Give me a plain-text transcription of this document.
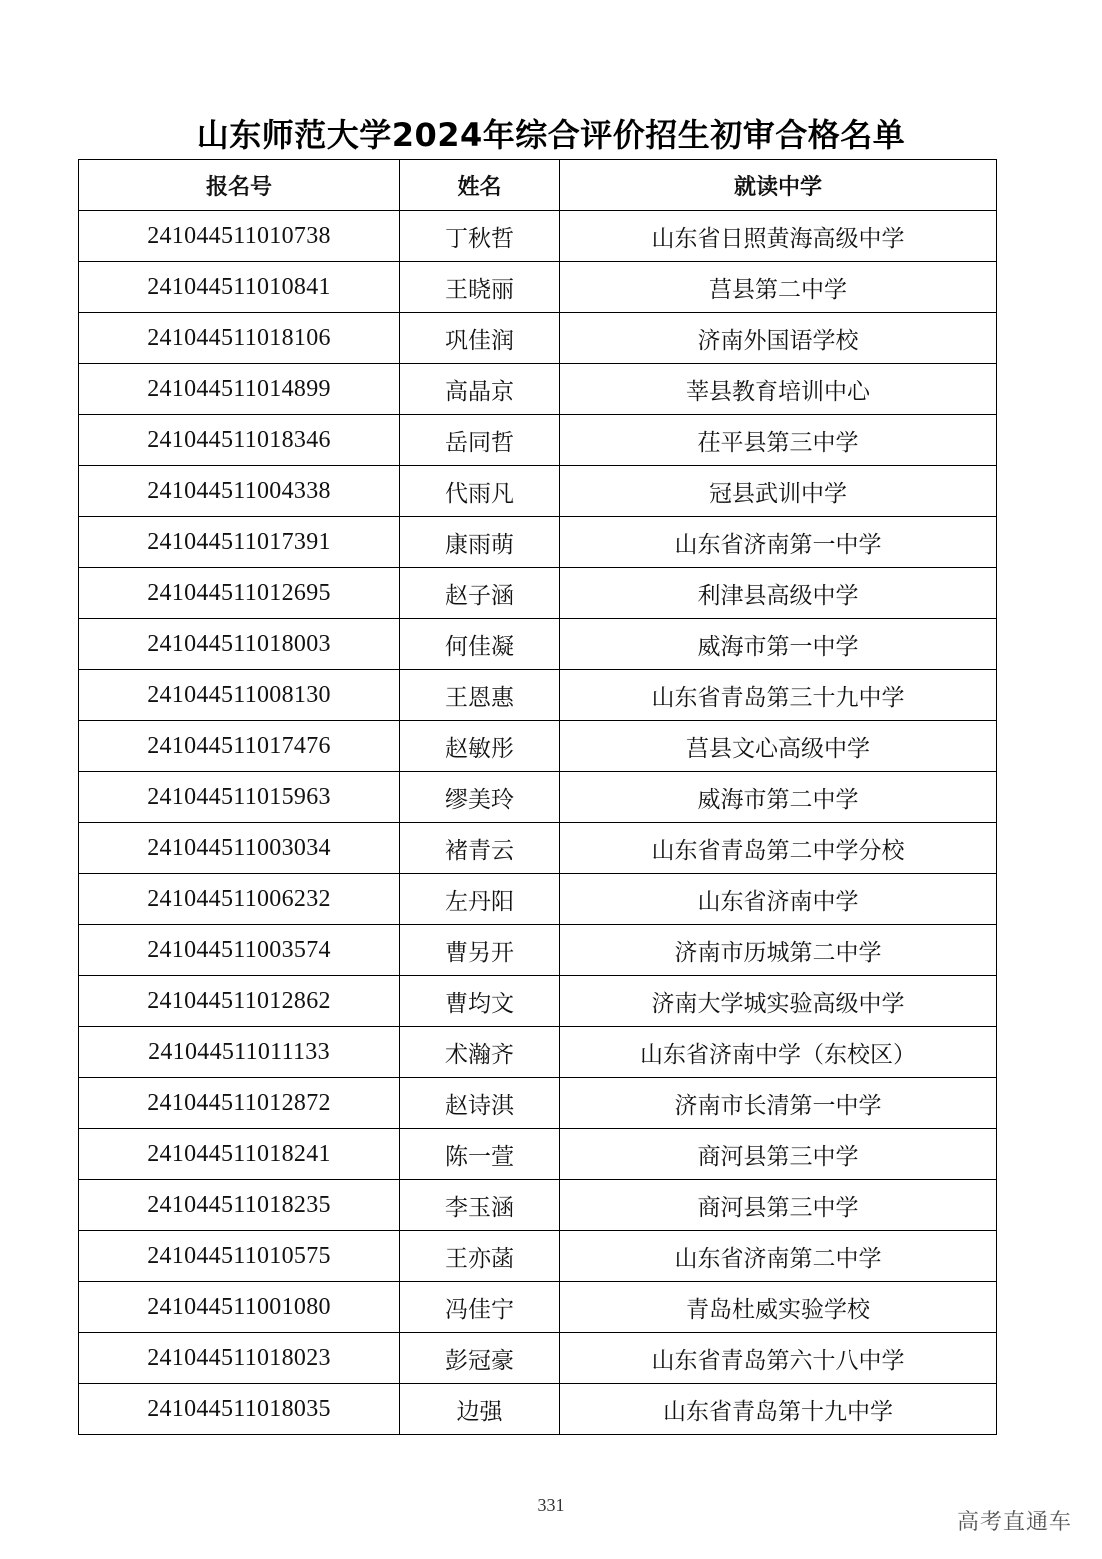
山东师范大学2024年综合评价招生初审合格名单
报名号	姓名	就读中学
241044511010738	丁秋哲	山东省日照黄海高级中学
241044511010841	王晓丽	莒县第二中学
241044511018106	巩佳润	济南外国语学校
241044511014899	高晶京	莘县教育培训中心
241044511018346	岳同哲	茌平县第三中学
241044511004338	代雨凡	冠县武训中学
241044511017391	康雨萌	山东省济南第一中学
241044511012695	赵子涵	利津县高级中学
241044511018003	何佳凝	威海市第一中学
241044511008130	王恩惠	山东省青岛第三十九中学
241044511017476	赵敏彤	莒县文心高级中学
241044511015963	缪美玲	威海市第二中学
241044511003034	褚青云	山东省青岛第二中学分校
241044511006232	左丹阳	山东省济南中学
241044511003574	曹另开	济南市历城第二中学
241044511012862	曹均文	济南大学城实验高级中学
241044511011133	术瀚齐	山东省济南中学（东校区）
241044511012872	赵诗淇	济南市长清第一中学
241044511018241	陈一萱	商河县第三中学
241044511018235	李玉涵	商河县第三中学
241044511010575	王亦菡	山东省济南第二中学
241044511001080	冯佳宁	青岛杜威实验学校
241044511018023	彭冠豪	山东省青岛第六十八中学
241044511018035	边强	山东省青岛第十九中学
331
高考直通车
